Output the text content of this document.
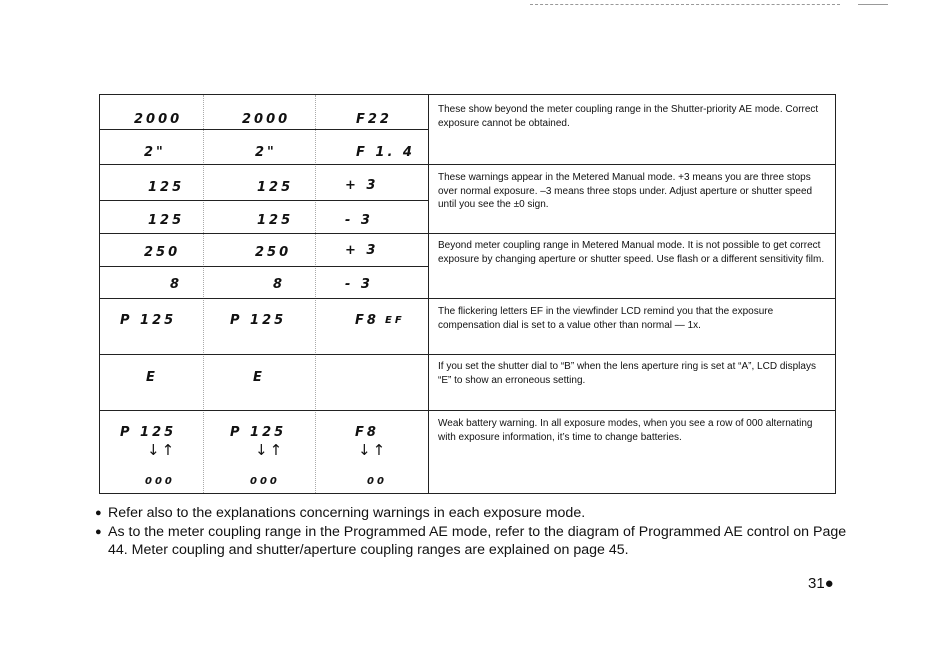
2000	2000	F22
2"	2"	F 1. 4
These show beyond the meter coupling range in the Shutter-priority AE mode. Correct exposure cannot be obtained.
125	125	+ 3
125	125	- 3
These warnings appear in the Metered Manual mode. +3 means you are three stops over normal exposure. –3 means three stops under. Adjust aperture or shutter speed until you see the ±0 sign.
250	250	+ 3
8	8	- 3
Beyond meter coupling range in Metered Manual mode. It is not possible to get correct exposure by changing aperture or shutter speed. Use flash or a different sensitivity film.
P 125	P 125	F8 EF
The flickering letters EF in the viewfinder LCD remind you that the exposure compensation dial is set to a value other than normal — 1x.
E	E
If you set the shutter dial to “B” when the lens aperture ring is set at “A”, LCD displays “E” to show an erroneous setting.
P 125	P 125	F8
↓↑	↓↑	↓↑
000	000	00
Weak battery warning. In all exposure modes, when you see a row of 000 alternating with exposure information, it’s time to change batteries.

● Refer also to the explanations concerning warnings in each exposure mode.

● As to the meter coupling range in the Programmed AE mode, refer to the diagram of Programmed AE control on Page 44. Meter coupling and shutter/aperture coupling ranges are explained on page 45.

31●
